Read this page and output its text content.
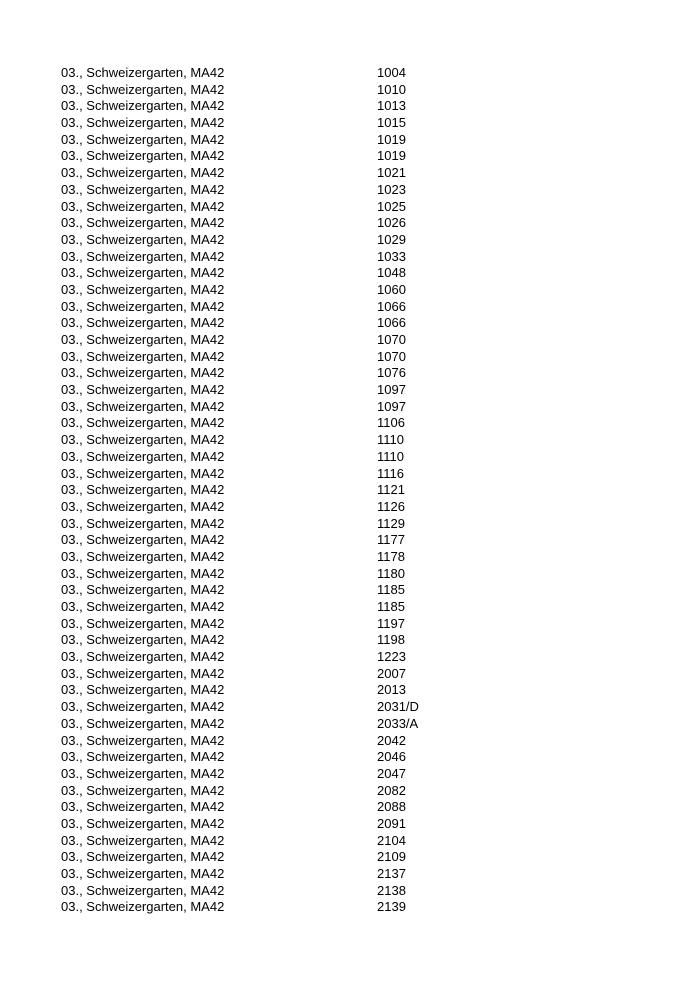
03., Schweizergarten, MA42	1004
03., Schweizergarten, MA42	1010
03., Schweizergarten, MA42	1013
03., Schweizergarten, MA42	1015
03., Schweizergarten, MA42	1019
03., Schweizergarten, MA42	1019
03., Schweizergarten, MA42	1021
03., Schweizergarten, MA42	1023
03., Schweizergarten, MA42	1025
03., Schweizergarten, MA42	1026
03., Schweizergarten, MA42	1029
03., Schweizergarten, MA42	1033
03., Schweizergarten, MA42	1048
03., Schweizergarten, MA42	1060
03., Schweizergarten, MA42	1066
03., Schweizergarten, MA42	1066
03., Schweizergarten, MA42	1070
03., Schweizergarten, MA42	1070
03., Schweizergarten, MA42	1076
03., Schweizergarten, MA42	1097
03., Schweizergarten, MA42	1097
03., Schweizergarten, MA42	1106
03., Schweizergarten, MA42	1110
03., Schweizergarten, MA42	1110
03., Schweizergarten, MA42	1116
03., Schweizergarten, MA42	1121
03., Schweizergarten, MA42	1126
03., Schweizergarten, MA42	1129
03., Schweizergarten, MA42	1177
03., Schweizergarten, MA42	1178
03., Schweizergarten, MA42	1180
03., Schweizergarten, MA42	1185
03., Schweizergarten, MA42	1185
03., Schweizergarten, MA42	1197
03., Schweizergarten, MA42	1198
03., Schweizergarten, MA42	1223
03., Schweizergarten, MA42	2007
03., Schweizergarten, MA42	2013
03., Schweizergarten, MA42	2031/D
03., Schweizergarten, MA42	2033/A
03., Schweizergarten, MA42	2042
03., Schweizergarten, MA42	2046
03., Schweizergarten, MA42	2047
03., Schweizergarten, MA42	2082
03., Schweizergarten, MA42	2088
03., Schweizergarten, MA42	2091
03., Schweizergarten, MA42	2104
03., Schweizergarten, MA42	2109
03., Schweizergarten, MA42	2137
03., Schweizergarten, MA42	2138
03., Schweizergarten, MA42	2139
